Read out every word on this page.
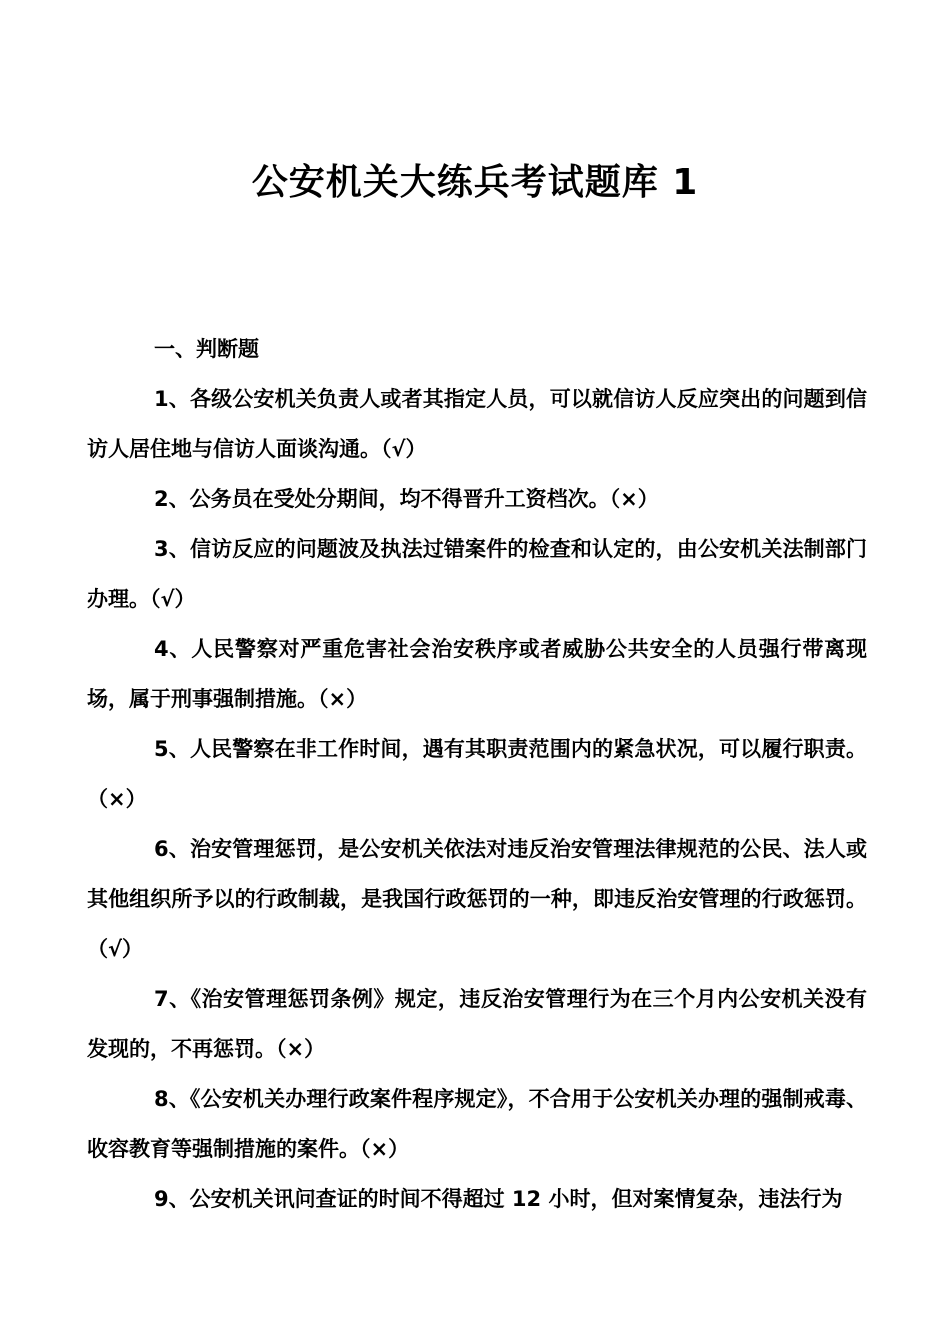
公安机关大练兵考试题库 1

一、判断题

1、各级公安机关负责人或者其指定人员，可以就信访人反应突出的问题到信访人居住地与信访人面谈沟通。（√）

2、公务员在受处分期间，均不得晋升工资档次。（×）

3、信访反应的问题波及执法过错案件的检查和认定的，由公安机关法制部门办理。（√）

4、人民警察对严重危害社会治安秩序或者威胁公共安全的人员强行带离现场，属于刑事强制措施。（×）

5、人民警察在非工作时间，遇有其职责范围内的紧急状况，可以履行职责。（×）

6、治安管理惩罚，是公安机关依法对违反治安管理法律规范的公民、法人或其他组织所予以的行政制裁，是我国行政惩罚的一种，即违反治安管理的行政惩罚。（√）

7、《治安管理惩罚条例》规定，违反治安管理行为在三个月内公安机关没有发现的，不再惩罚。（×）

8、《公安机关办理行政案件程序规定》，不合用于公安机关办理的强制戒毒、收容教育等强制措施的案件。（×）

9、公安机关讯问查证的时间不得超过 12 小时，但对案情复杂，违法行为
